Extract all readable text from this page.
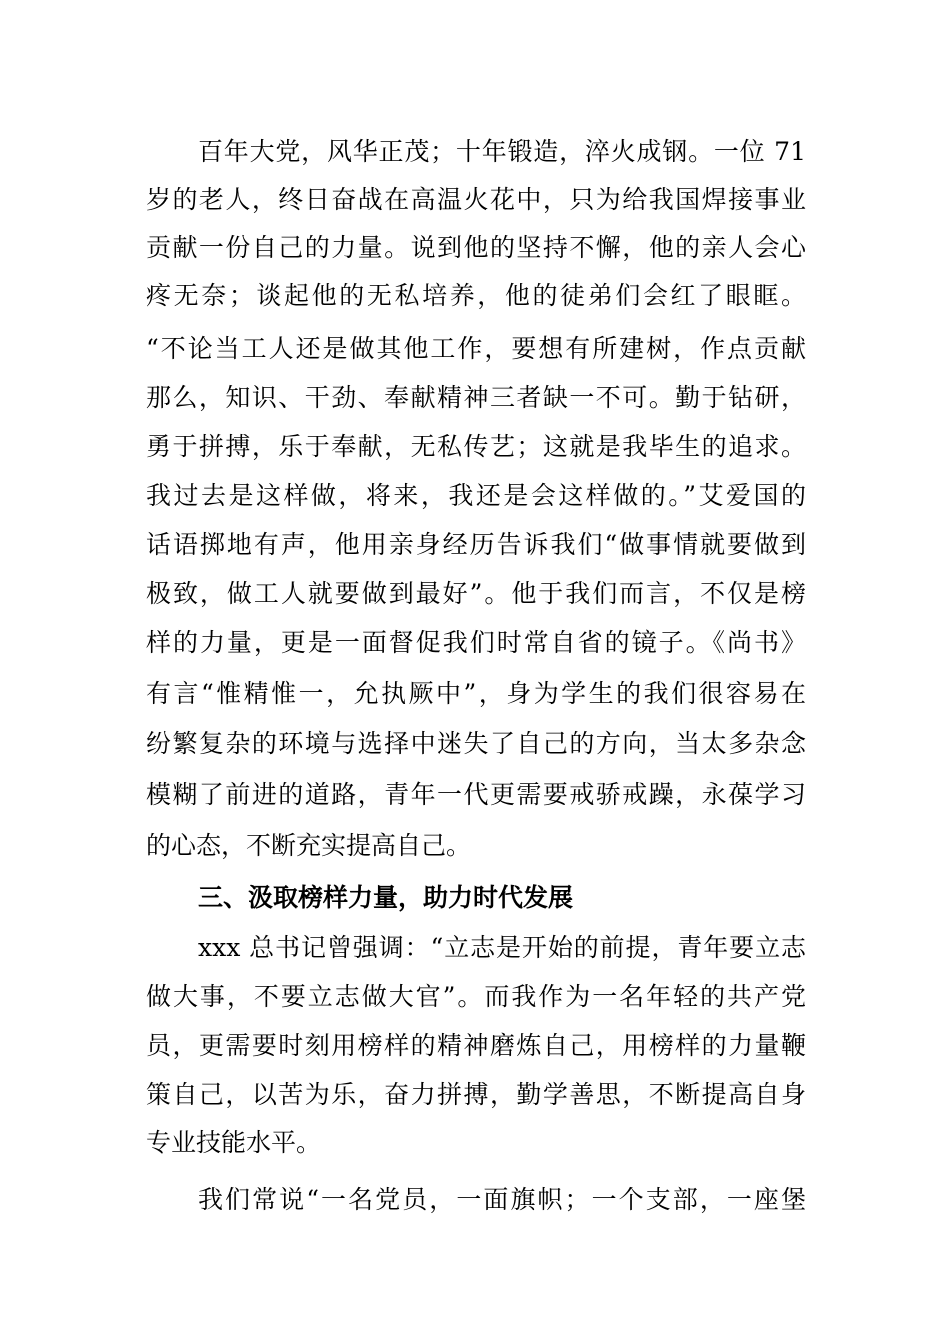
百年大党，风华正茂；十年锻造，淬火成钢。一位 71
岁的老人，终日奋战在高温火花中，只为给我国焊接事业
贡献一份自己的力量。说到他的坚持不懈，他的亲人会心
疼无奈；谈起他的无私培养，他的徒弟们会红了眼眶。
“不论当工人还是做其他工作，要想有所建树，作点贡献
那么，知识、干劲、奉献精神三者缺一不可。勤于钻研，
勇于拼搏，乐于奉献，无私传艺；这就是我毕生的追求。
我过去是这样做，将来，我还是会这样做的。”艾爱国的
话语掷地有声，他用亲身经历告诉我们“做事情就要做到
极致，做工人就要做到最好”。他于我们而言，不仅是榜
样的力量，更是一面督促我们时常自省的镜子。《尚书》
有言“惟精惟一，允执厥中”，身为学生的我们很容易在
纷繁复杂的环境与选择中迷失了自己的方向，当太多杂念
模糊了前进的道路，青年一代更需要戒骄戒躁，永葆学习
的心态，不断充实提高自己。
三、汲取榜样力量，助力时代发展
xxx 总书记曾强调：“立志是开始的前提，青年要立志
做大事，不要立志做大官”。而我作为一名年轻的共产党
员，更需要时刻用榜样的精神磨炼自己，用榜样的力量鞭
策自己，以苦为乐，奋力拼搏，勤学善思，不断提高自身
专业技能水平。
我们常说“一名党员，一面旗帜；一个支部，一座堡
